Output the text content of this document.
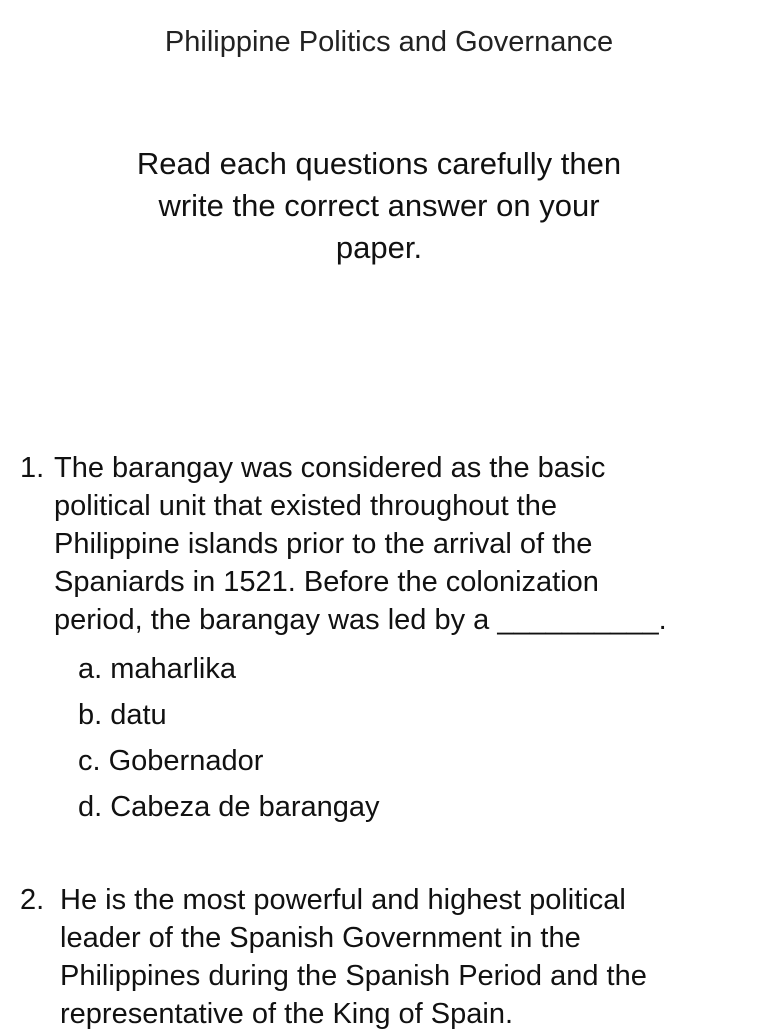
Philippine Politics and Governance
Read each questions carefully then
write the correct answer on your
paper.
1. The barangay was considered as the basic
political unit that existed throughout the
Philippine islands prior to the arrival of the
Spaniards in 1521. Before the colonization
period, the barangay was led by a __________.
a. maharlika
b. datu
c. Gobernador
d. Cabeza de barangay
2. He is the most powerful and highest political
leader of the Spanish Government in the
Philippines during the Spanish Period and the
representative of the King of Spain.
